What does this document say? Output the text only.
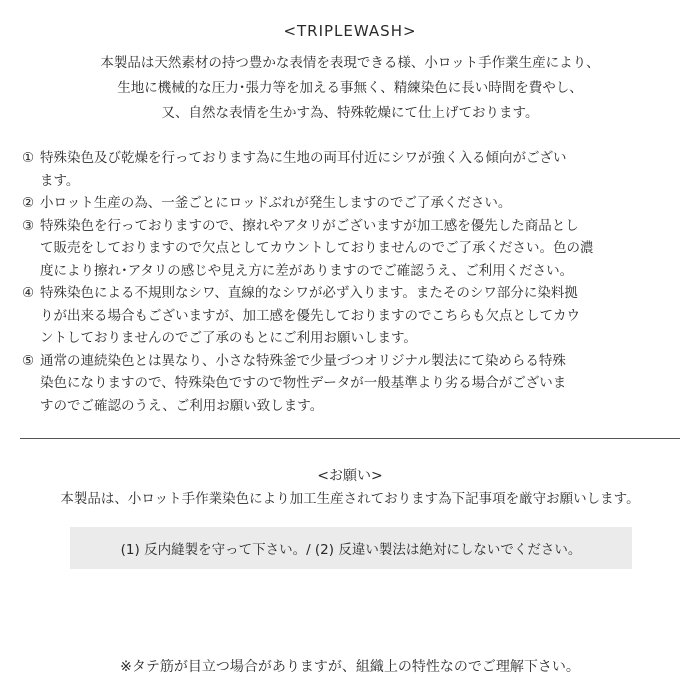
<TRIPLEWASH>
本製品は天然素材の持つ豊かな表情を表現できる様、小ロット手作業生産により、
生地に機械的な圧力･張力等を加える事無く、精練染色に長い時間を費やし、
又、自然な表情を生かす為、特殊乾燥にて仕上げております。
① 特殊染色及び乾燥を行っております為に生地の両耳付近にシワが強く入る傾向がござい
ます。
② 小ロット生産の為、一釜ごとにロッドぶれが発生しますのでご了承ください。
③ 特殊染色を行っておりますので、擦れやアタリがございますが加工感を優先した商品とし
て販売をしておりますので欠点としてカウントしておりませんのでご了承ください。色の濃
度により擦れ･アタリの感じや見え方に差がありますのでご確認うえ、ご利用ください。
④ 特殊染色による不規則なシワ、直線的なシワが必ず入ります。またそのシワ部分に染料拠
りが出来る場合もございますが、加工感を優先しておりますのでこちらも欠点としてカウ
ントしておりませんのでご了承のもとにご利用お願いします。
⑤ 通常の連続染色とは異なり、小さな特殊釜で少量づつオリジナル製法にて染めらる特殊
染色になりますので、特殊染色ですので物性データが一般基準より劣る場合がございま
すのでご確認のうえ、ご利用お願い致します。
<お願い>
本製品は、小ロット手作業染色により加工生産されております為下記事項を厳守お願いします。
(1) 反内縫製を守って下さい。/ (2) 反違い製法は絶対にしないでください。
※タテ筋が目立つ場合がありますが、組織上の特性なのでご理解下さい。
